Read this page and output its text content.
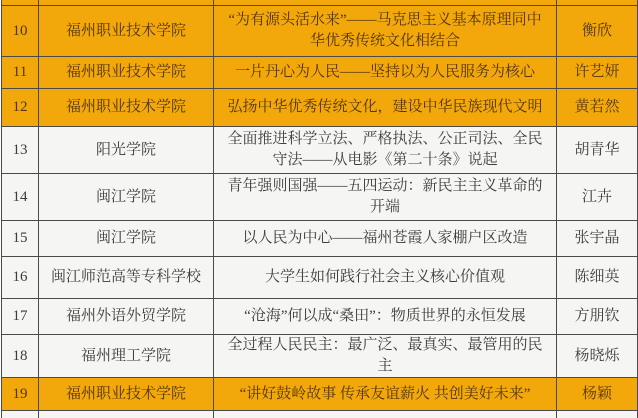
10	福州职业技术学院	“为有源头活水来”——马克思主义基本原理同中华优秀传统文化相结合	衡欣
11	福州职业技术学院	一片丹心为人民——坚持以为人民服务为核心	许艺妍
12	福州职业技术学院	弘扬中华优秀传统文化，建设中华民族现代文明	黄若然
13	阳光学院	全面推进科学立法、严格执法、公正司法、全民守法——从电影《第二十条》说起	胡青华
14	闽江学院	青年强则国强——五四运动：新民主主义革命的开端	江卉
15	闽江学院	以人民为中心——福州苍霞人家棚户区改造	张宇晶
16	闽江师范高等专科学校	大学生如何践行社会主义核心价值观	陈细英
17	福州外语外贸学院	“沧海”何以成“桑田”：物质世界的永恒发展	方朋钦
18	福州理工学院	全过程人民民主：最广泛、最真实、最管用的民主	杨晓烁
19	福州职业技术学院	“讲好鼓岭故事 传承友谊薪火 共创美好未来”	杨颖
